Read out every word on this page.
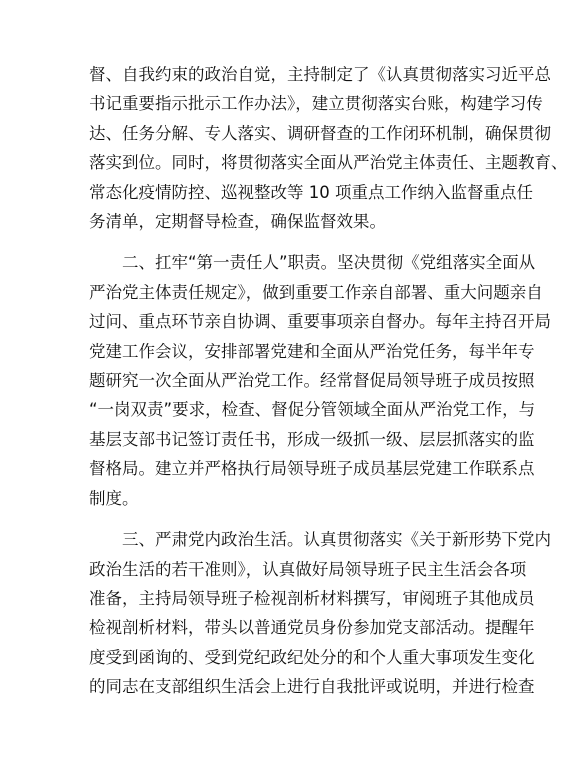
督、自我约束的政治自觉，主持制定了《认真贯彻落实习近平总
书记重要指示批示工作办法》，建立贯彻落实台账，构建学习传
达、任务分解、专人落实、调研督查的工作闭环机制，确保贯彻
落实到位。同时，将贯彻落实全面从严治党主体责任、主题教育、
常态化疫情防控、巡视整改等 10 项重点工作纳入监督重点任
务清单，定期督导检查，确保监督效果。
二、扛牢“第一责任人”职责。坚决贯彻《党组落实全面从
严治党主体责任规定》，做到重要工作亲自部署、重大问题亲自
过问、重点环节亲自协调、重要事项亲自督办。每年主持召开局
党建工作会议，安排部署党建和全面从严治党任务，每半年专
题研究一次全面从严治党工作。经常督促局领导班子成员按照
“一岗双责”要求，检查、督促分管领域全面从严治党工作，与
基层支部书记签订责任书，形成一级抓一级、层层抓落实的监
督格局。建立并严格执行局领导班子成员基层党建工作联系点
制度。
三、严肃党内政治生活。认真贯彻落实《关于新形势下党内
政治生活的若干准则》，认真做好局领导班子民主生活会各项
准备，主持局领导班子检视剖析材料撰写，审阅班子其他成员
检视剖析材料，带头以普通党员身份参加党支部活动。提醒年
度受到函询的、受到党纪政纪处分的和个人重大事项发生变化
的同志在支部组织生活会上进行自我批评或说明，并进行检查
